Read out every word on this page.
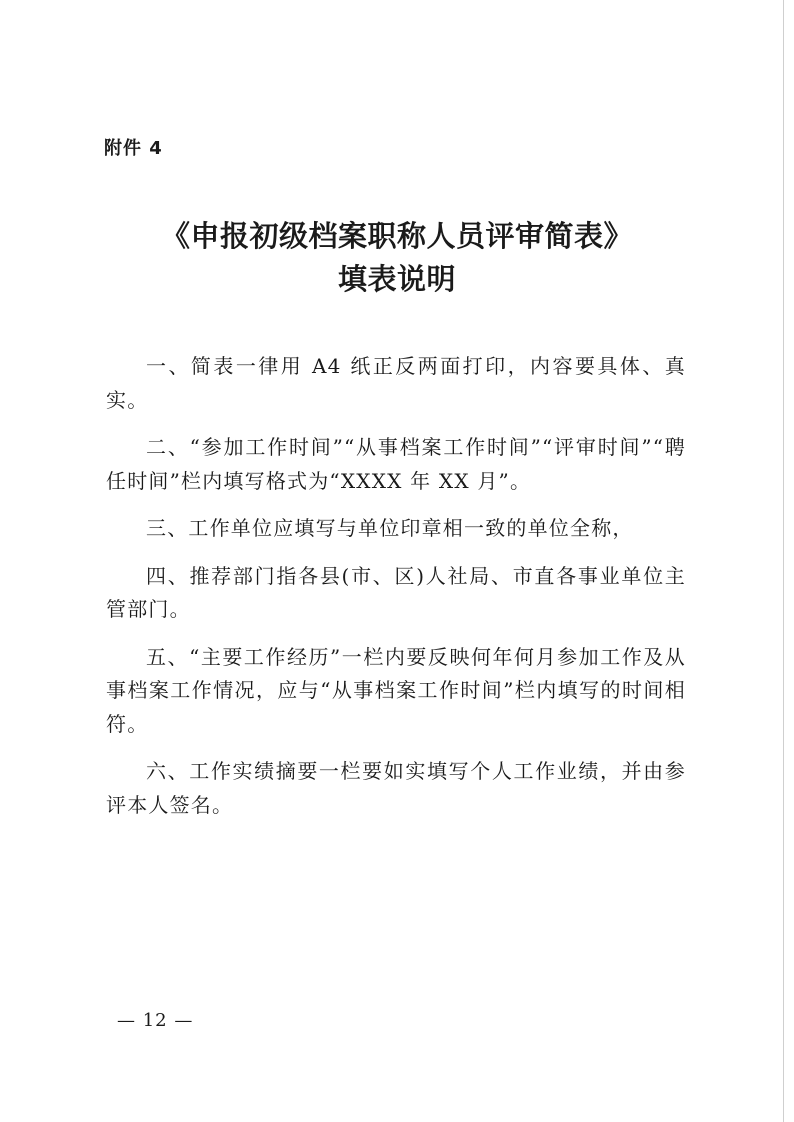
附件 4
《申报初级档案职称人员评审简表》
填表说明

一、简表一律用 A4 纸正反两面打印，内容要具体、真实。

二、“参加工作时间”“从事档案工作时间”“评审时间”“聘任时间”栏内填写格式为“XXXX 年 XX 月”。

三、工作单位应填写与单位印章相一致的单位全称，

四、推荐部门指各县(市、区)人社局、市直各事业单位主管部门。

五、“主要工作经历”一栏内要反映何年何月参加工作及从事档案工作情况，应与“从事档案工作时间”栏内填写的时间相符。

六、工作实绩摘要一栏要如实填写个人工作业绩，并由参评本人签名。

— 12 —
